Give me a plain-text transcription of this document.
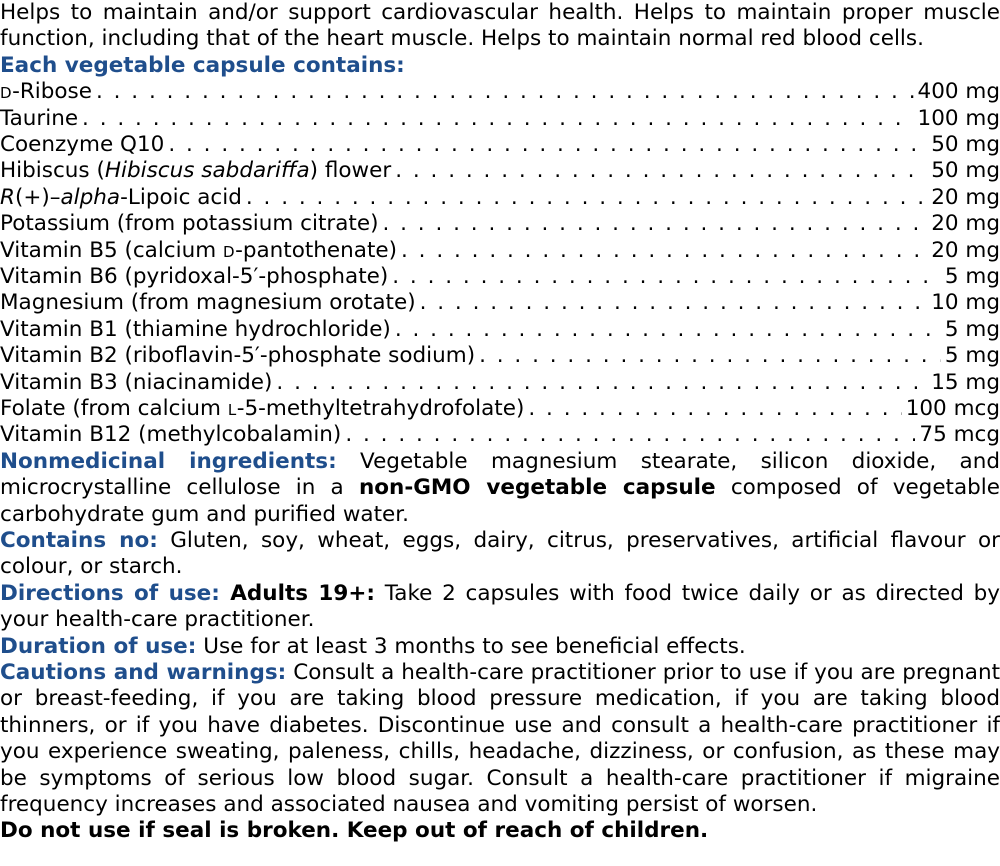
Helps to maintain and/or support cardiovascular health. Helps to maintain proper muscle function, including that of the heart muscle. Helps to maintain normal red blood cells.

Each vegetable capsule contains:
D-Ribose . . .	400 mg
Taurine . . .	100 mg
Coenzyme Q10 . . .	50 mg
Hibiscus (Hibiscus sabdariffa) flower . . .	50 mg
R(+)–alpha-Lipoic acid . . .	20 mg
Potassium (from potassium citrate) . . .	20 mg
Vitamin B5 (calcium D-pantothenate) . . .	20 mg
Vitamin B6 (pyridoxal-5′-phosphate) . . .	5 mg
Magnesium (from magnesium orotate) . . .	10 mg
Vitamin B1 (thiamine hydrochloride) . . .	5 mg
Vitamin B2 (riboflavin-5′-phosphate sodium) . . .	5 mg
Vitamin B3 (niacinamide) . . .	15 mg
Folate (from calcium L-5-methyltetrahydrofolate) . . .	100 mcg
Vitamin B12 (methylcobalamin) . . .	75 mcg

Nonmedicinal ingredients: Vegetable magnesium stearate, silicon dioxide, and microcrystalline cellulose in a non-GMO vegetable capsule composed of vegetable carbohydrate gum and purified water.

Contains no: Gluten, soy, wheat, eggs, dairy, citrus, preservatives, artificial flavour or colour, or starch.

Directions of use: Adults 19+: Take 2 capsules with food twice daily or as directed by your health-care practitioner.

Duration of use: Use for at least 3 months to see beneficial effects.

Cautions and warnings: Consult a health-care practitioner prior to use if you are pregnant or breast-feeding, if you are taking blood pressure medication, if you are taking blood thinners, or if you have diabetes. Discontinue use and consult a health-care practitioner if you experience sweating, paleness, chills, headache, dizziness, or confusion, as these may be symptoms of serious low blood sugar. Consult a health-care practitioner if migraine frequency increases and associated nausea and vomiting persist of worsen.

Do not use if seal is broken. Keep out of reach of children.
